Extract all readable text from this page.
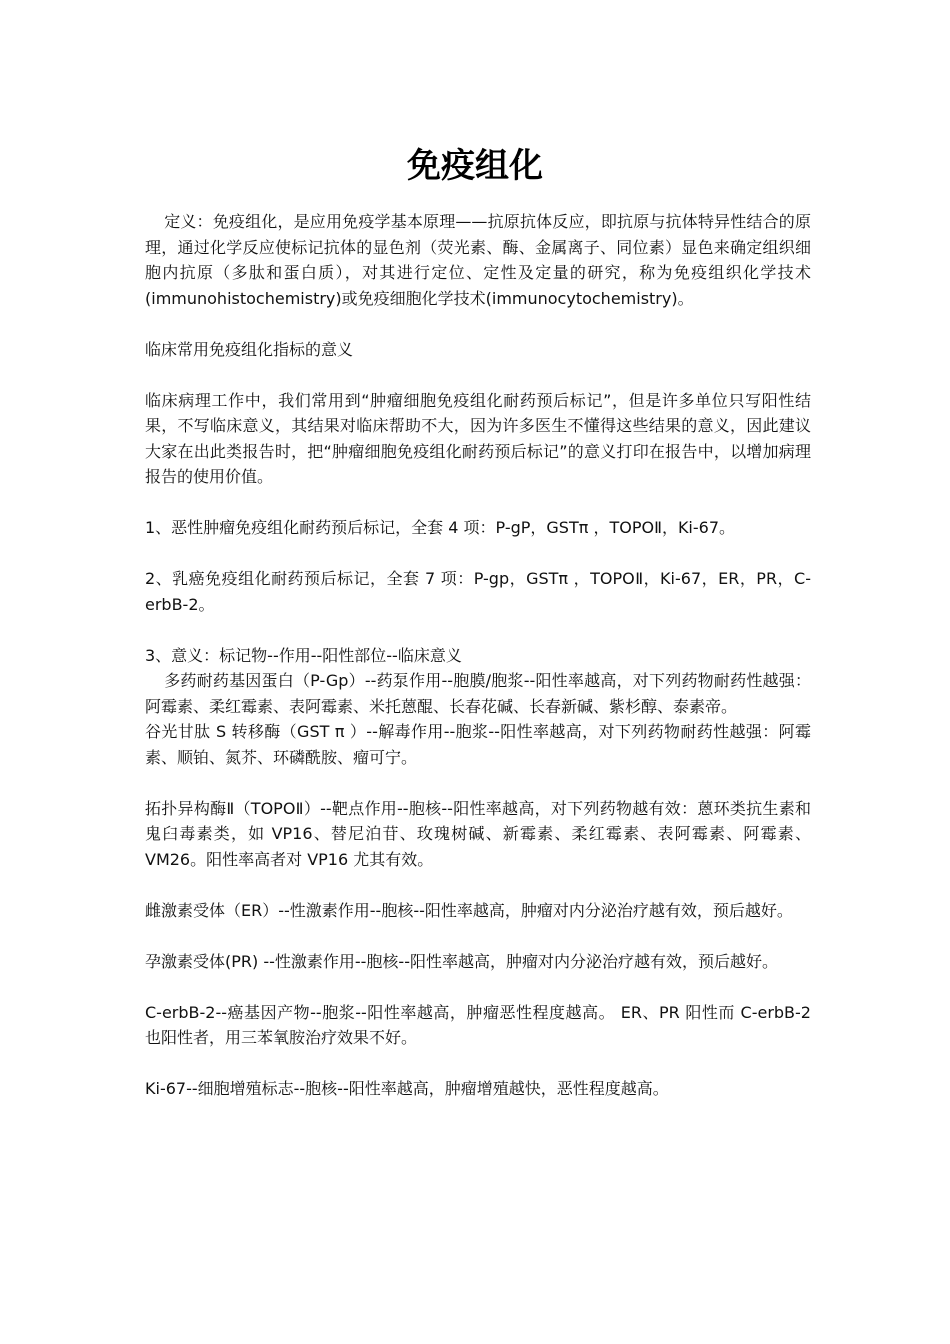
免疫组化

定义：免疫组化，是应用免疫学基本原理——抗原抗体反应，即抗原与抗体特异性结合的原理，通过化学反应使标记抗体的显色剂（荧光素、酶、金属离子、同位素）显色来确定组织细胞内抗原（多肽和蛋白质），对其进行定位、定性及定量的研究，称为免疫组织化学技术(immunohistochemistry)或免疫细胞化学技术(immunocytochemistry)。

临床常用免疫组化指标的意义

临床病理工作中，我们常用到“肿瘤细胞免疫组化耐药预后标记”，但是许多单位只写阳性结果，不写临床意义，其结果对临床帮助不大，因为许多医生不懂得这些结果的意义，因此建议大家在出此类报告时，把“肿瘤细胞免疫组化耐药预后标记”的意义打印在报告中，以增加病理报告的使用价值。

1、恶性肿瘤免疫组化耐药预后标记，全套 4 项：P-gP，GSTπ ，TOPOⅡ，Ki-67。

2、乳癌免疫组化耐药预后标记，全套 7 项：P-gp，GSTπ ，TOPOⅡ，Ki-67，ER，PR，C-erbB-2。

3、意义：标记物--作用--阳性部位--临床意义

多药耐药基因蛋白（P-Gp）--药泵作用--胞膜/胞浆--阳性率越高，对下列药物耐药性越强：阿霉素、柔红霉素、表阿霉素、米托蒽醌、长春花碱、长春新碱、紫杉醇、泰素帝。

谷光甘肽 S 转移酶（GST π ）--解毒作用--胞浆--阳性率越高，对下列药物耐药性越强：阿霉素、顺铂、氮芥、环磷酰胺、瘤可宁。

拓扑异构酶Ⅱ（TOPOⅡ）--靶点作用--胞核--阳性率越高，对下列药物越有效：蒽环类抗生素和鬼臼毒素类，如 VP16、替尼泊苷、玫瑰树碱、新霉素、柔红霉素、表阿霉素、阿霉素、VM26。阳性率高者对 VP16 尤其有效。

雌激素受体（ER）--性激素作用--胞核--阳性率越高，肿瘤对内分泌治疗越有效，预后越好。

孕激素受体(PR) --性激素作用--胞核--阳性率越高，肿瘤对内分泌治疗越有效，预后越好。

C-erbB-2--癌基因产物--胞浆--阳性率越高，肿瘤恶性程度越高。 ER、PR 阳性而 C-erbB-2 也阳性者，用三苯氧胺治疗效果不好。

Ki-67--细胞增殖标志--胞核--阳性率越高，肿瘤增殖越快，恶性程度越高。
